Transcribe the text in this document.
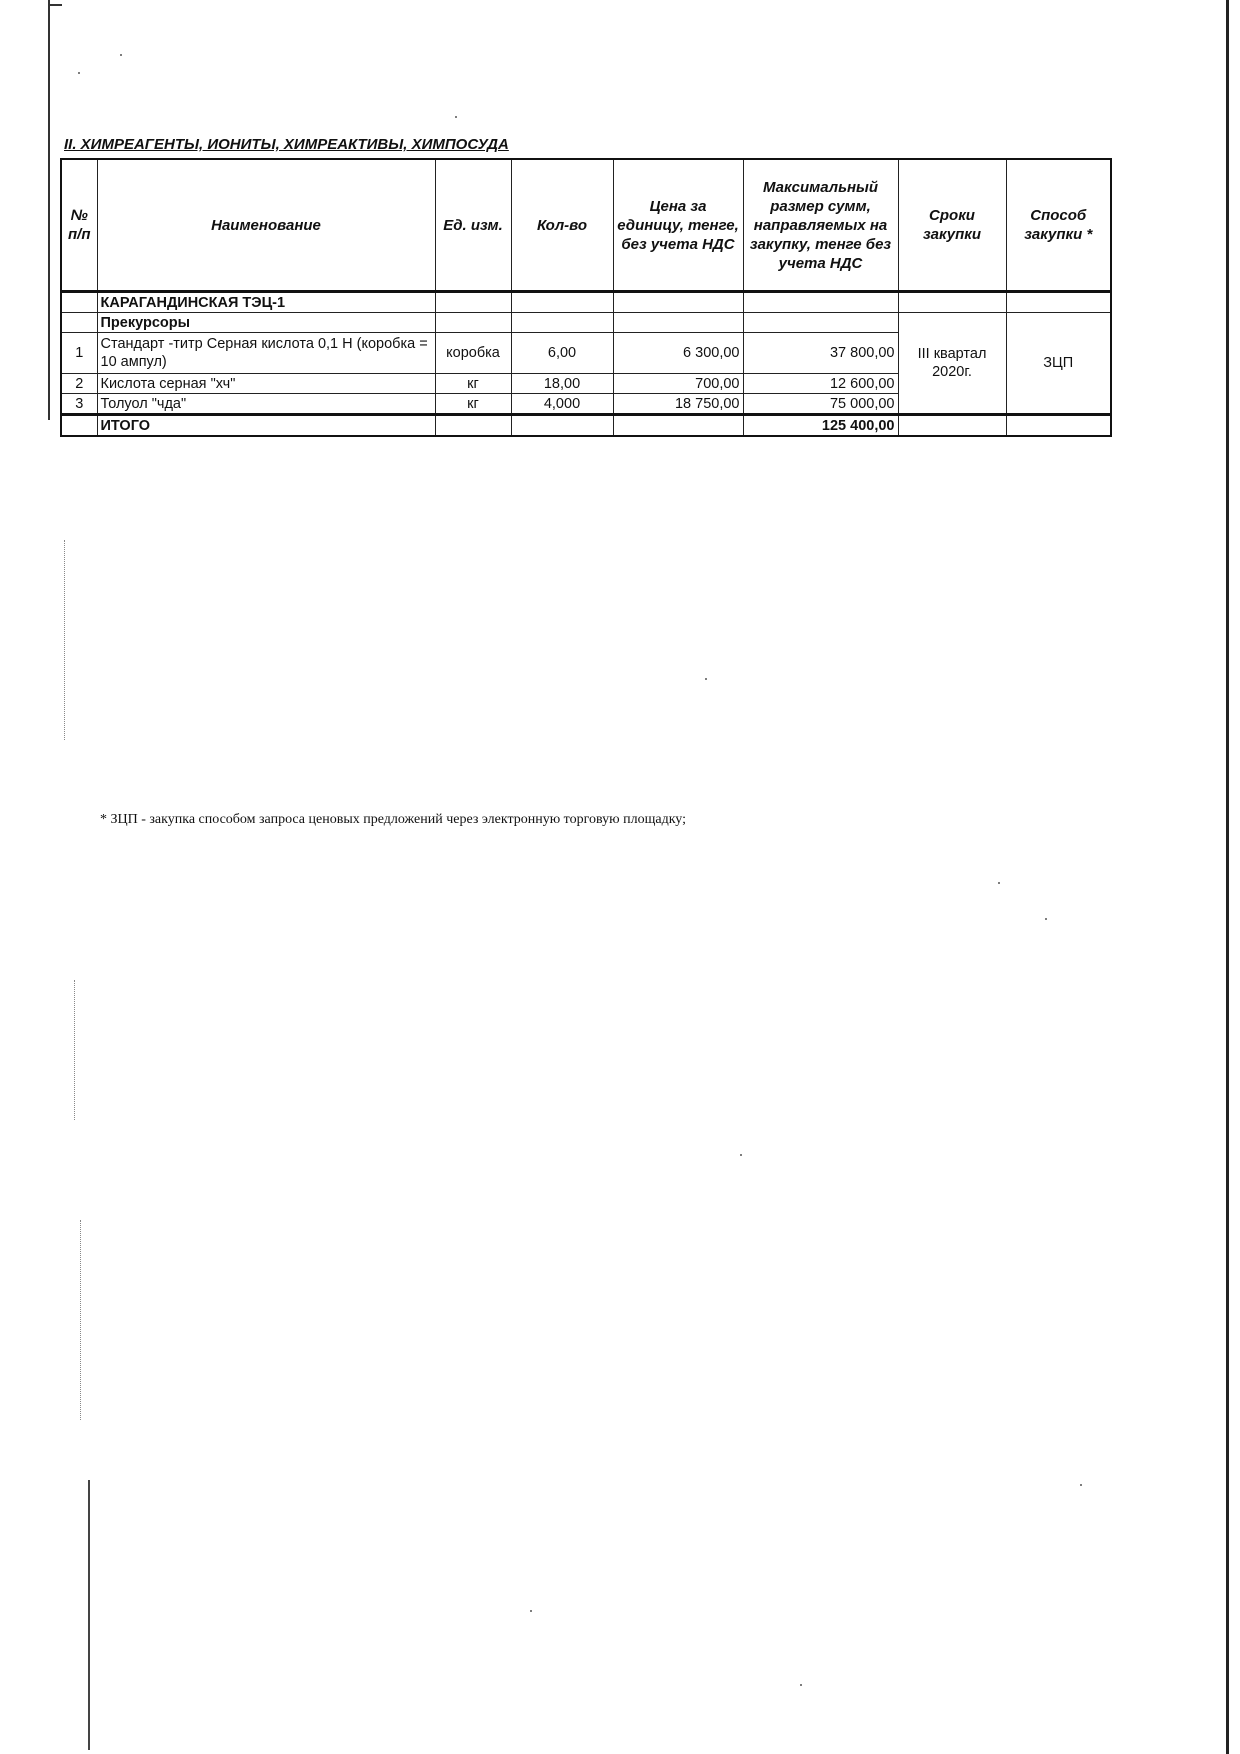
II. ХИМРЕАГЕНТЫ, ИОНИТЫ, ХИМРЕАКТИВЫ, ХИМПОСУДА
№ п/п	Наименование	Ед. изм.	Кол-во	Цена за единицу, тенге, без учета НДС	Максимальный размер сумм, направляемых на закупку, тенге без учета НДС	Сроки закупки	Способ закупки *
	КАРАГАНДИНСКАЯ ТЭЦ-1						
	Прекурсоры					III квартал 2020г.	ЗЦП
1	Стандарт -титр Серная кислота 0,1 Н (коробка = 10 ампул)	коробка	6,00	6 300,00	37 800,00		
2	Кислота серная "хч"	кг	18,00	700,00	12 600,00		
3	Толуол "чда"	кг	4,000	18 750,00	75 000,00		
	ИТОГО				125 400,00		
* ЗЦП - закупка способом запроса ценовых предложений через электронную торговую площадку;
